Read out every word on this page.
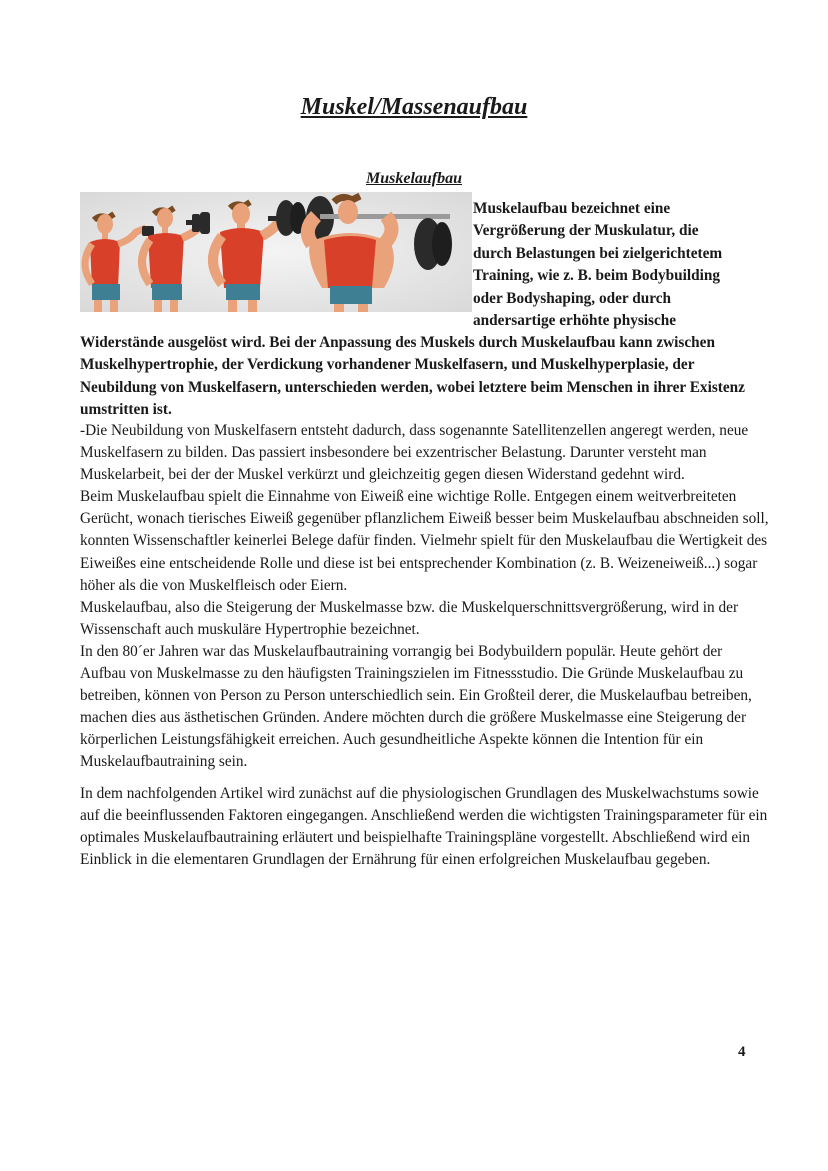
Muskel/Massenaufbau
Muskelaufbau
Muskelaufbau bezeichnet eine
Vergrößerung der Muskulatur, die
durch Belastungen bei zielgerichtetem
Training, wie z. B. beim Bodybuilding
oder Bodyshaping, oder durch
andersartige erhöhte physische
Widerstände ausgelöst wird. Bei der Anpassung des Muskels durch Muskelaufbau kann zwischen Muskelhypertrophie, der Verdickung vorhandener Muskelfasern, und Muskelhyperplasie, der Neubildung von Muskelfasern, unterschieden werden, wobei letztere beim Menschen in ihrer Existenz umstritten ist.

-Die Neubildung von Muskelfasern entsteht dadurch, dass sogenannte Satellitenzellen angeregt werden, neue Muskelfasern zu bilden. Das passiert insbesondere bei exzentrischer Belastung. Darunter versteht man Muskelarbeit, bei der der Muskel verkürzt und gleichzeitig gegen diesen Widerstand gedehnt wird.

Beim Muskelaufbau spielt die Einnahme von Eiweiß eine wichtige Rolle. Entgegen einem weitverbreiteten Gerücht, wonach tierisches Eiweiß gegenüber pflanzlichem Eiweiß besser beim Muskelaufbau abschneiden soll, konnten Wissenschaftler keinerlei Belege dafür finden. Vielmehr spielt für den Muskelaufbau die Wertigkeit des Eiweißes eine entscheidende Rolle und diese ist bei entsprechender Kombination (z. B. Weizeneiweiß...) sogar höher als die von Muskelfleisch oder Eiern.

Muskelaufbau, also die Steigerung der Muskelmasse bzw. die Muskelquerschnittsvergrößerung, wird in der Wissenschaft auch muskuläre Hypertrophie bezeichnet.

In den 80´er Jahren war das Muskelaufbautraining vorrangig bei Bodybuildern populär. Heute gehört der Aufbau von Muskelmasse zu den häufigsten Trainingszielen im Fitnessstudio. Die Gründe Muskelaufbau zu betreiben, können von Person zu Person unterschiedlich sein. Ein Großteil derer, die Muskelaufbau betreiben, machen dies aus ästhetischen Gründen. Andere möchten durch die größere Muskelmasse eine Steigerung der körperlichen Leistungsfähigkeit erreichen. Auch gesundheitliche Aspekte können die Intention für ein Muskelaufbautraining sein.

In dem nachfolgenden Artikel wird zunächst auf die physiologischen Grundlagen des Muskelwachstums sowie auf die beeinflussenden Faktoren eingegangen. Anschließend werden die wichtigsten Trainingsparameter für ein optimales Muskelaufbautraining erläutert und beispielhafte Trainingspläne vorgestellt. Abschließend wird ein Einblick in die elementaren Grundlagen der Ernährung für einen erfolgreichen Muskelaufbau gegeben.

4
